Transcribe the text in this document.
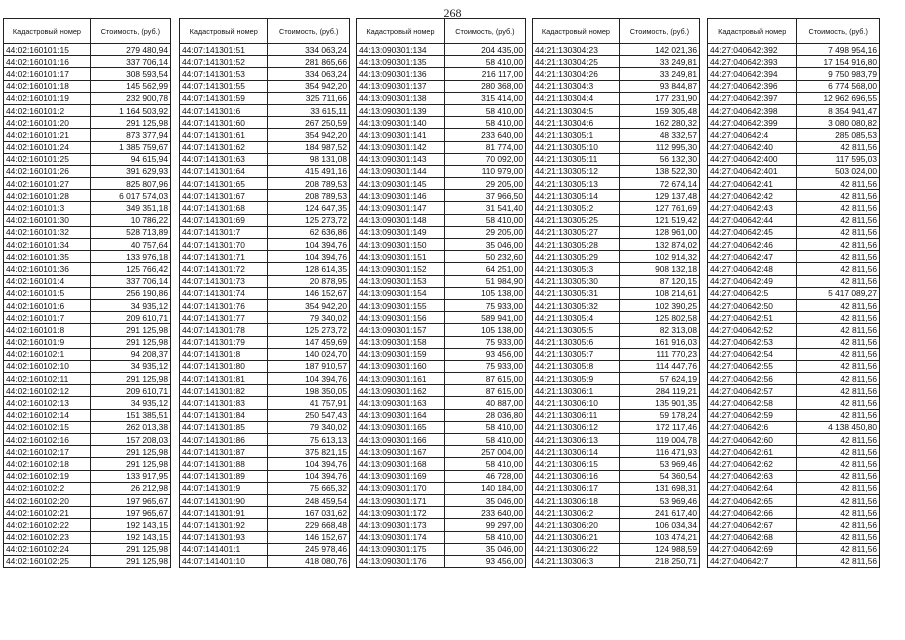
268
Кадастровый номер	Стоимость, (руб.)
44:02:160101:15	279 480,94
44:02:160101:16	337 706,14
44:02:160101:17	308 593,54
44:02:160101:18	145 562,99
44:02:160101:19	232 900,78
44:02:160101:2	1 164 503,92
44:02:160101:20	291 125,98
44:02:160101:21	873 377,94
44:02:160101:24	1 385 759,67
44:02:160101:25	94 615,94
44:02:160101:26	391 629,93
44:02:160101:27	825 807,96
44:02:160101:28	6 017 574,03
44:02:160101:3	349 351,18
44:02:160101:30	10 786,22
44:02:160101:32	528 713,89
44:02:160101:34	40 757,64
44:02:160101:35	133 976,18
44:02:160101:36	125 766,42
44:02:160101:4	337 706,14
44:02:160101:5	256 190,86
44:02:160101:6	34 935,12
44:02:160101:7	209 610,71
44:02:160101:8	291 125,98
44:02:160101:9	291 125,98
44:02:160102:1	94 208,37
44:02:160102:10	34 935,12
44:02:160102:11	291 125,98
44:02:160102:12	209 610,71
44:02:160102:13	34 935,12
44:02:160102:14	151 385,51
44:02:160102:15	262 013,38
44:02:160102:16	157 208,03
44:02:160102:17	291 125,98
44:02:160102:18	291 125,98
44:02:160102:19	133 917,95
44:02:160102:2	26 212,98
44:02:160102:20	197 965,67
44:02:160102:21	197 965,67
44:02:160102:22	192 143,15
44:02:160102:23	192 143,15
44:02:160102:24	291 125,98
44:02:160102:25	291 125,98
Кадастровый номер	Стоимость, (руб.)
44:07:141301:51	334 063,24
44:07:141301:52	281 865,66
44:07:141301:53	334 063,24
44:07:141301:55	354 942,20
44:07:141301:59	325 711,66
44:07:141301:6	33 615,11
44:07:141301:60	267 250,59
44:07:141301:61	354 942,20
44:07:141301:62	184 987,52
44:07:141301:63	98 131,08
44:07:141301:64	415 491,16
44:07:141301:65	208 789,53
44:07:141301:67	208 789,53
44:07:141301:68	124 647,35
44:07:141301:69	125 273,72
44:07:141301:7	62 636,86
44:07:141301:70	104 394,76
44:07:141301:71	104 394,76
44:07:141301:72	128 614,35
44:07:141301:73	20 878,95
44:07:141301:74	146 152,67
44:07:141301:76	354 942,20
44:07:141301:77	79 340,02
44:07:141301:78	125 273,72
44:07:141301:79	147 459,69
44:07:141301:8	140 024,70
44:07:141301:80	187 910,57
44:07:141301:81	104 394,76
44:07:141301:82	198 350,05
44:07:141301:83	41 757,91
44:07:141301:84	250 547,43
44:07:141301:85	79 340,02
44:07:141301:86	75 613,13
44:07:141301:87	375 821,15
44:07:141301:88	104 394,76
44:07:141301:89	104 394,76
44:07:141301:9	75 665,32
44:07:141301:90	248 459,54
44:07:141301:91	167 031,62
44:07:141301:92	229 668,48
44:07:141301:93	146 152,67
44:07:141401:1	245 978,46
44:07:141401:10	418 080,76
Кадастровый номер	Стоимость, (руб.)
44:13:090301:134	204 435,00
44:13:090301:135	58 410,00
44:13:090301:136	216 117,00
44:13:090301:137	280 368,00
44:13:090301:138	315 414,00
44:13:090301:139	58 410,00
44:13:090301:140	58 410,00
44:13:090301:141	233 640,00
44:13:090301:142	81 774,00
44:13:090301:143	70 092,00
44:13:090301:144	110 979,00
44:13:090301:145	29 205,00
44:13:090301:146	37 966,50
44:13:090301:147	31 541,40
44:13:090301:148	58 410,00
44:13:090301:149	29 205,00
44:13:090301:150	35 046,00
44:13:090301:151	50 232,60
44:13:090301:152	64 251,00
44:13:090301:153	51 984,90
44:13:090301:154	105 138,00
44:13:090301:155	75 933,00
44:13:090301:156	589 941,00
44:13:090301:157	105 138,00
44:13:090301:158	75 933,00
44:13:090301:159	93 456,00
44:13:090301:160	75 933,00
44:13:090301:161	87 615,00
44:13:090301:162	87 615,00
44:13:090301:163	40 887,00
44:13:090301:164	28 036,80
44:13:090301:165	58 410,00
44:13:090301:166	58 410,00
44:13:090301:167	257 004,00
44:13:090301:168	58 410,00
44:13:090301:169	46 728,00
44:13:090301:170	140 184,00
44:13:090301:171	35 046,00
44:13:090301:172	233 640,00
44:13:090301:173	99 297,00
44:13:090301:174	58 410,00
44:13:090301:175	35 046,00
44:13:090301:176	93 456,00
Кадастровый номер	Стоимость, (руб.)
44:21:130304:23	142 021,36
44:21:130304:25	33 249,81
44:21:130304:26	33 249,81
44:21:130304:3	93 844,87
44:21:130304:4	177 231,90
44:21:130304:5	159 305,48
44:21:130304:6	162 280,32
44:21:130305:1	48 332,57
44:21:130305:10	112 995,30
44:21:130305:11	56 132,30
44:21:130305:12	138 522,30
44:21:130305:13	72 674,14
44:21:130305:14	129 137,48
44:21:130305:2	127 761,69
44:21:130305:25	121 519,42
44:21:130305:27	128 961,00
44:21:130305:28	132 874,02
44:21:130305:29	102 914,32
44:21:130305:3	908 132,18
44:21:130305:30	87 120,15
44:21:130305:31	108 214,61
44:21:130305:32	102 390,25
44:21:130305:4	125 802,58
44:21:130305:5	82 313,08
44:21:130305:6	161 916,03
44:21:130305:7	111 770,23
44:21:130305:8	114 447,76
44:21:130305:9	57 624,19
44:21:130306:1	284 119,21
44:21:130306:10	135 901,35
44:21:130306:11	59 178,24
44:21:130306:12	172 117,46
44:21:130306:13	119 004,78
44:21:130306:14	116 471,93
44:21:130306:15	53 969,46
44:21:130306:16	54 360,54
44:21:130306:17	131 698,31
44:21:130306:18	53 969,46
44:21:130306:2	241 617,40
44:21:130306:20	106 034,34
44:21:130306:21	103 474,21
44:21:130306:22	124 988,59
44:21:130306:3	218 250,71
Кадастровый номер	Стоимость, (руб.)
44:27:040642:392	7 498 954,16
44:27:040642:393	17 154 916,80
44:27:040642:394	9 750 983,79
44:27:040642:396	6 774 568,00
44:27:040642:397	12 962 696,55
44:27:040642:398	8 354 941,47
44:27:040642:399	3 080 080,82
44:27:040642:4	285 085,53
44:27:040642:40	42 811,56
44:27:040642:400	117 595,03
44:27:040642:401	503 024,00
44:27:040642:41	42 811,56
44:27:040642:42	42 811,56
44:27:040642:43	42 811,56
44:27:040642:44	42 811,56
44:27:040642:45	42 811,56
44:27:040642:46	42 811,56
44:27:040642:47	42 811,56
44:27:040642:48	42 811,56
44:27:040642:49	42 811,56
44:27:040642:5	5 417 089,27
44:27:040642:50	42 811,56
44:27:040642:51	42 811,56
44:27:040642:52	42 811,56
44:27:040642:53	42 811,56
44:27:040642:54	42 811,56
44:27:040642:55	42 811,56
44:27:040642:56	42 811,56
44:27:040642:57	42 811,56
44:27:040642:58	42 811,56
44:27:040642:59	42 811,56
44:27:040642:6	4 138 450,80
44:27:040642:60	42 811,56
44:27:040642:61	42 811,56
44:27:040642:62	42 811,56
44:27:040642:63	42 811,56
44:27:040642:64	42 811,56
44:27:040642:65	42 811,56
44:27:040642:66	42 811,56
44:27:040642:67	42 811,56
44:27:040642:68	42 811,56
44:27:040642:69	42 811,56
44:27:040642:7	42 811,56
